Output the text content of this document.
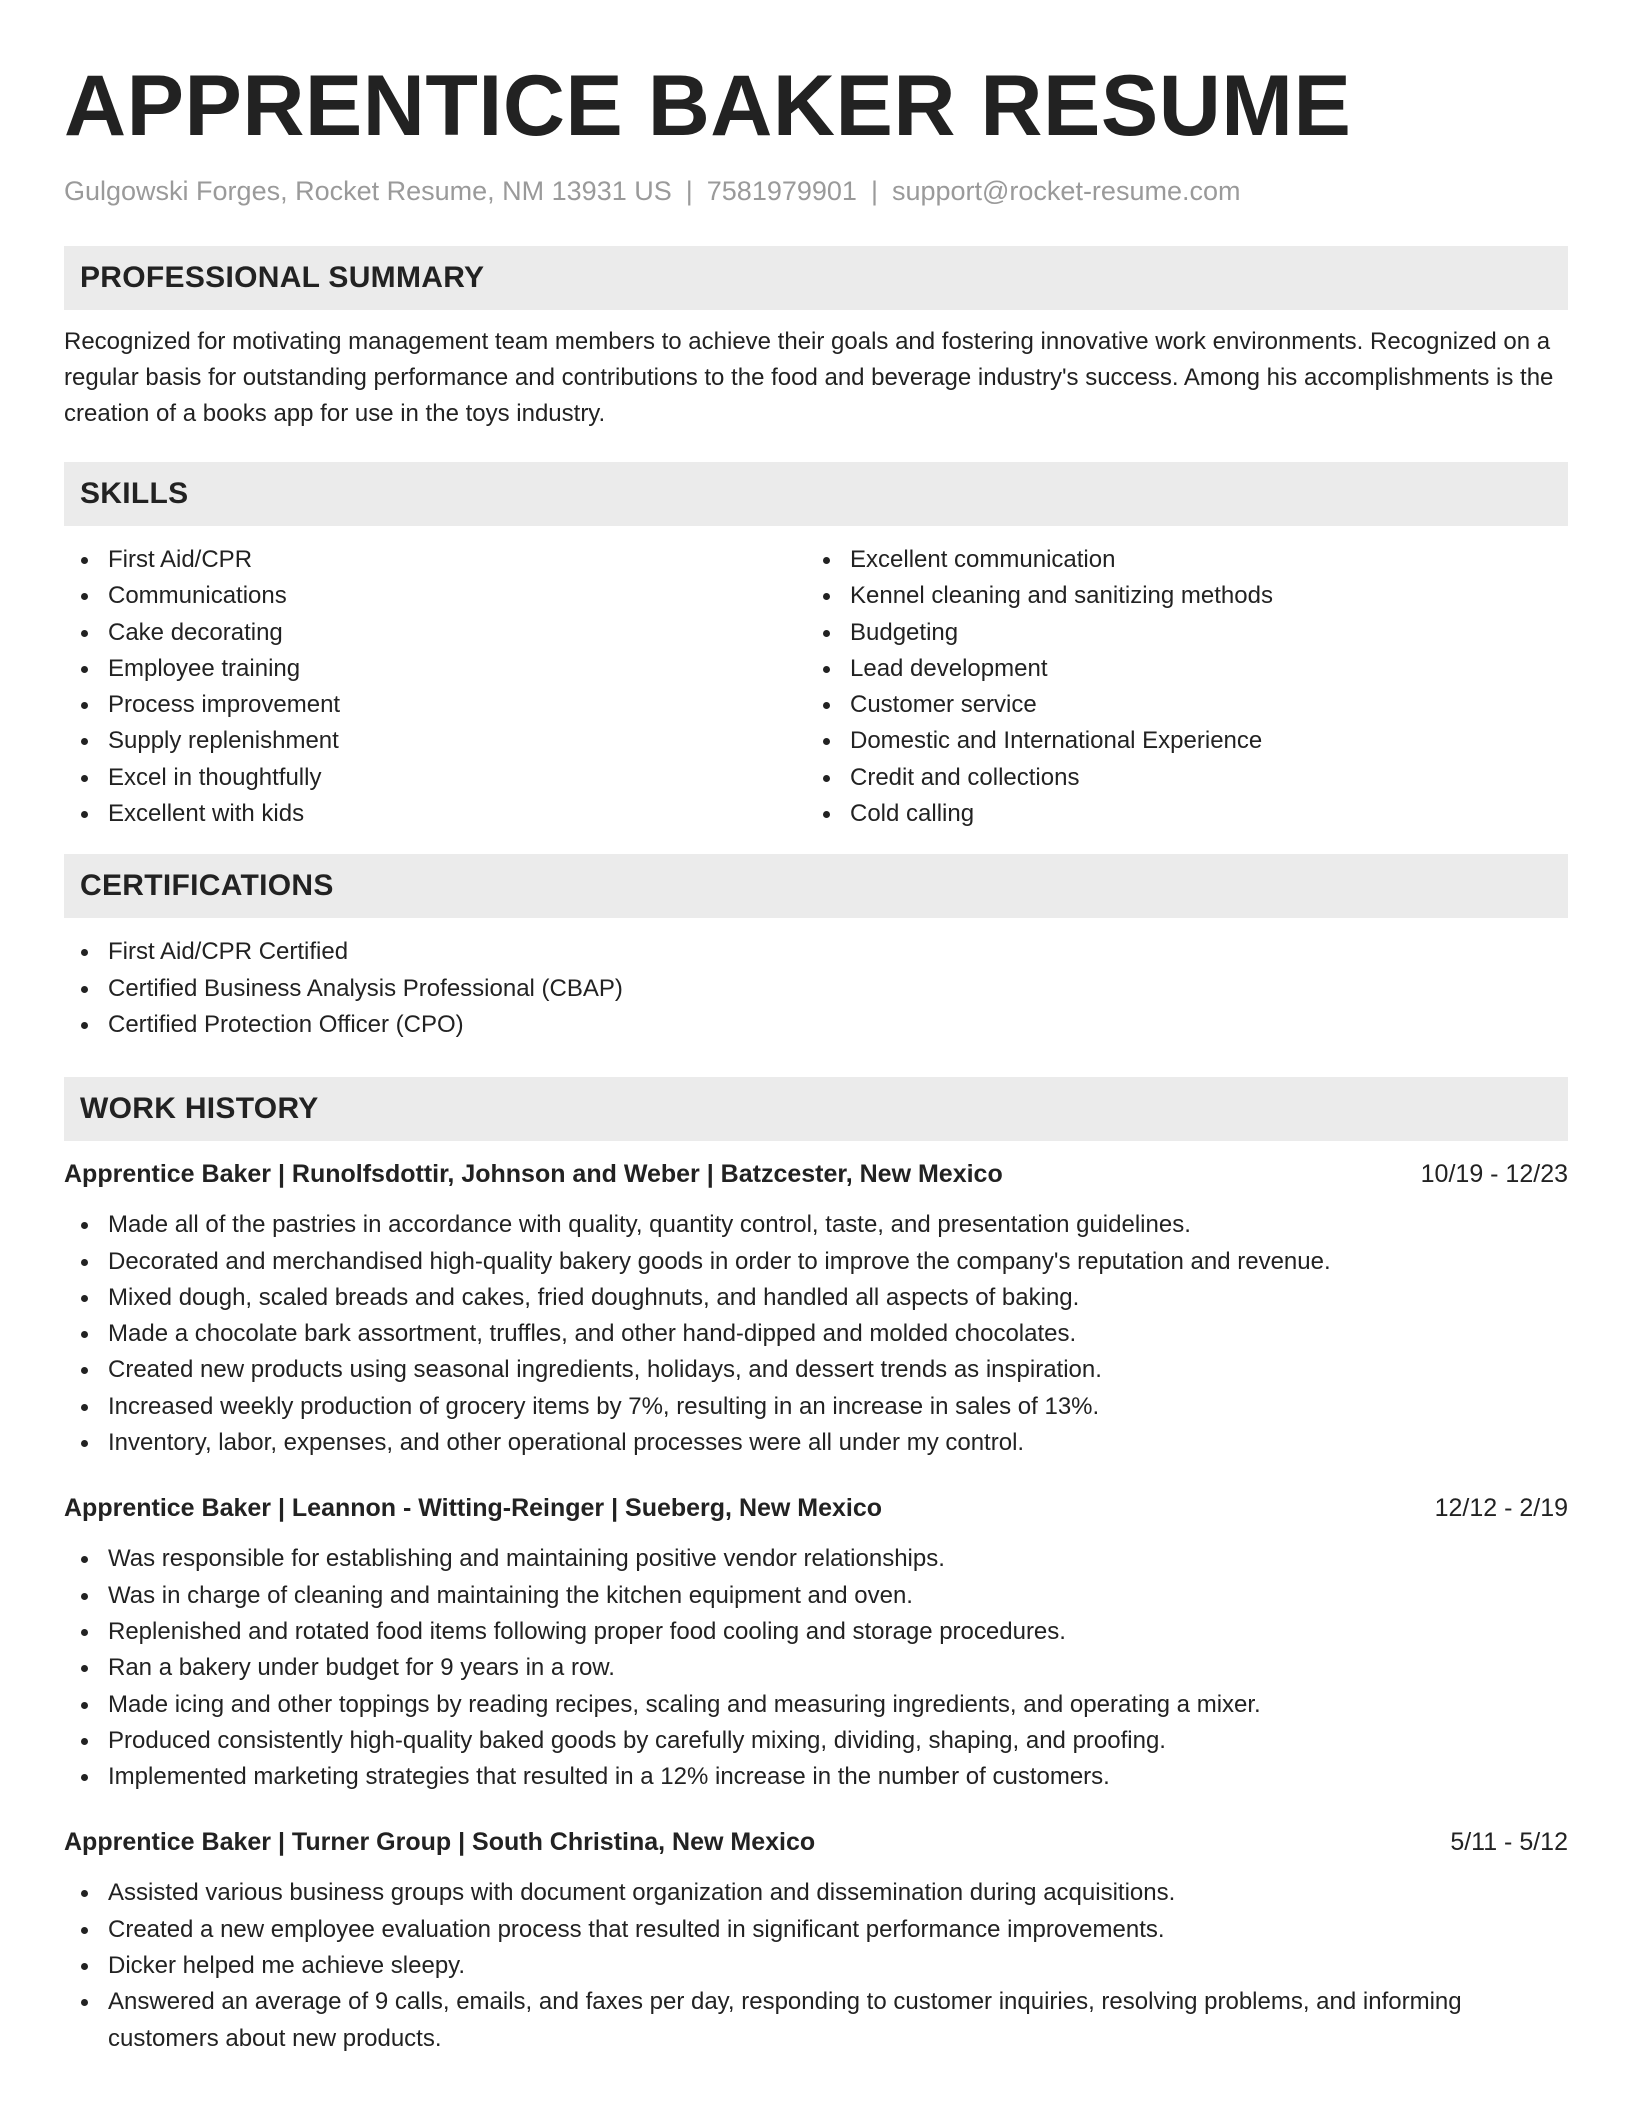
APPRENTICE BAKER RESUME
Gulgowski Forges, Rocket Resume, NM 13931 US | 7581979901 | support@rocket-resume.com
PROFESSIONAL SUMMARY

Recognized for motivating management team members to achieve their goals and fostering innovative work environments. Recognized on a regular basis for outstanding performance and contributions to the food and beverage industry's success. Among his accomplishments is the creation of a books app for use in the toys industry.

SKILLS
First Aid/CPR
Communications
Cake decorating
Employee training
Process improvement
Supply replenishment
Excel in thoughtfully
Excellent with kids
Excellent communication
Kennel cleaning and sanitizing methods
Budgeting
Lead development
Customer service
Domestic and International Experience
Credit and collections
Cold calling
CERTIFICATIONS
First Aid/CPR Certified
Certified Business Analysis Professional (CBAP)
Certified Protection Officer (CPO)
WORK HISTORY
Apprentice Baker | Runolfsdottir, Johnson and Weber | Batzcester, New Mexico	10/19 - 12/23
Made all of the pastries in accordance with quality, quantity control, taste, and presentation guidelines.
Decorated and merchandised high-quality bakery goods in order to improve the company's reputation and revenue.
Mixed dough, scaled breads and cakes, fried doughnuts, and handled all aspects of baking.
Made a chocolate bark assortment, truffles, and other hand-dipped and molded chocolates.
Created new products using seasonal ingredients, holidays, and dessert trends as inspiration.
Increased weekly production of grocery items by 7%, resulting in an increase in sales of 13%.
Inventory, labor, expenses, and other operational processes were all under my control.
Apprentice Baker | Leannon - Witting-Reinger | Sueberg, New Mexico	12/12 - 2/19
Was responsible for establishing and maintaining positive vendor relationships.
Was in charge of cleaning and maintaining the kitchen equipment and oven.
Replenished and rotated food items following proper food cooling and storage procedures.
Ran a bakery under budget for 9 years in a row.
Made icing and other toppings by reading recipes, scaling and measuring ingredients, and operating a mixer.
Produced consistently high-quality baked goods by carefully mixing, dividing, shaping, and proofing.
Implemented marketing strategies that resulted in a 12% increase in the number of customers.
Apprentice Baker | Turner Group | South Christina, New Mexico	5/11 - 5/12
Assisted various business groups with document organization and dissemination during acquisitions.
Created a new employee evaluation process that resulted in significant performance improvements.
Dicker helped me achieve sleepy.
Answered an average of 9 calls, emails, and faxes per day, responding to customer inquiries, resolving problems, and informing customers about new products.
